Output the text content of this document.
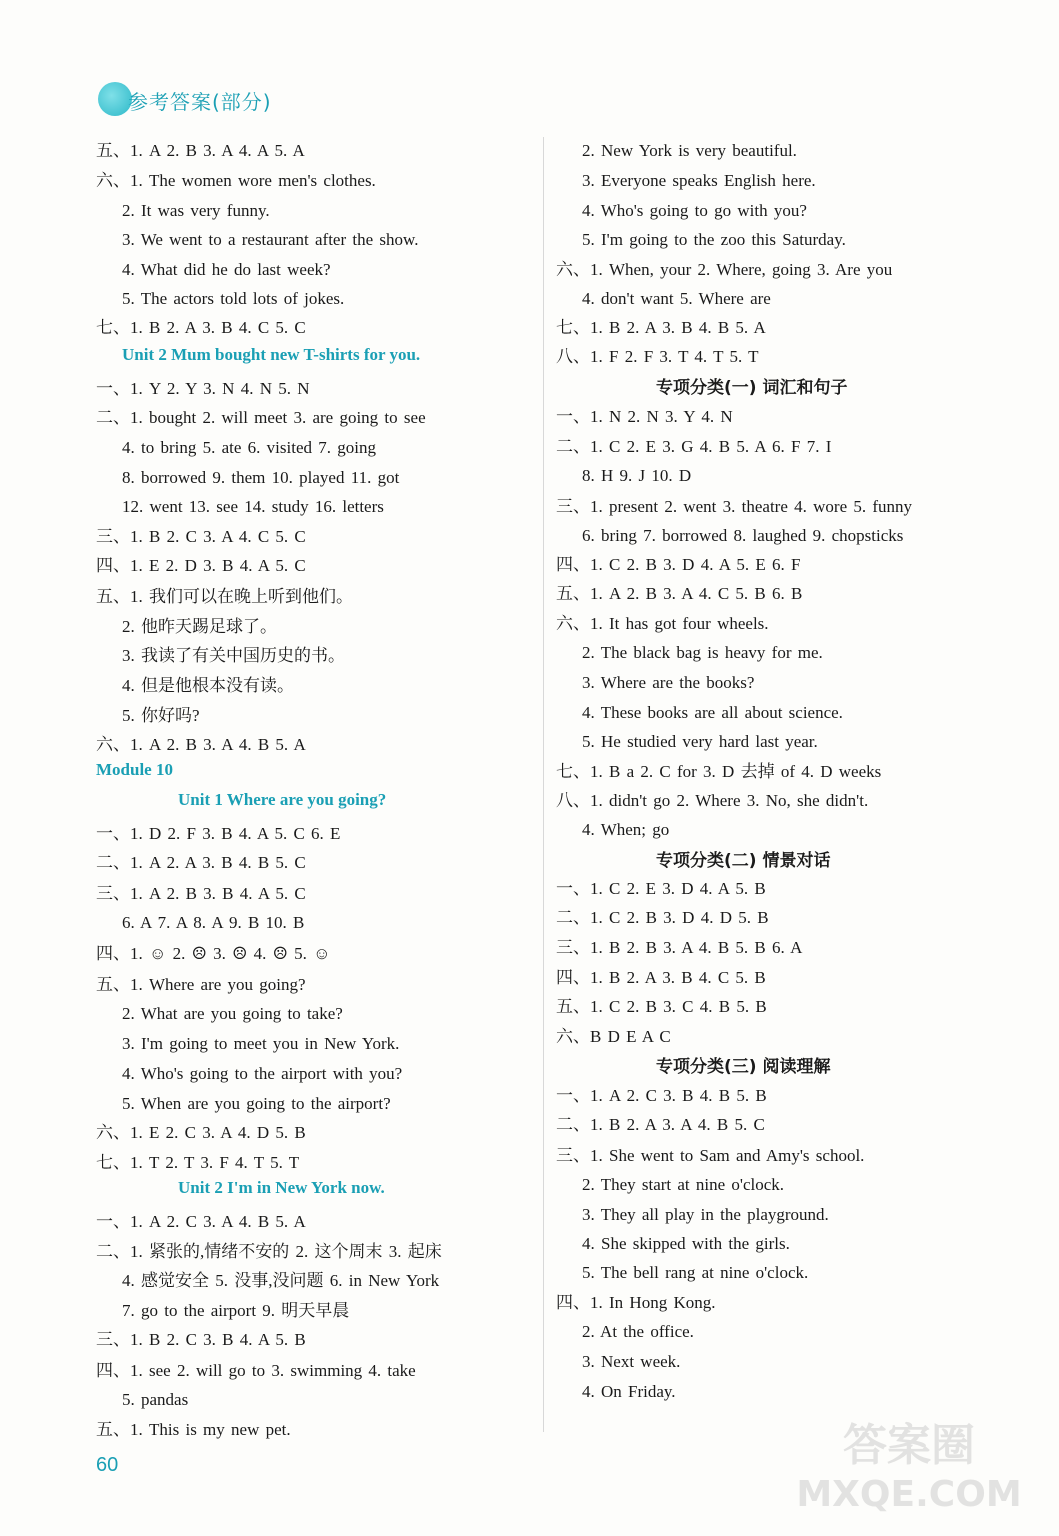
参考答案(部分)
五、1. A 2. B 3. A 4. A 5. A
六、1. The women wore men's clothes.
2. It was very funny.
3. We went to a restaurant after the show.
4. What did he do last week?
5. The actors told lots of jokes.
七、1. B 2. A 3. B 4. C 5. C
Unit 2 Mum bought new T-shirts for you.
一、1. Y 2. Y 3. N 4. N 5. N
二、1. bought 2. will meet 3. are going to see
4. to bring 5. ate 6. visited 7. going
8. borrowed 9. them 10. played 11. got
12. went 13. see 14. study 16. letters
三、1. B 2. C 3. A 4. C 5. C
四、1. E 2. D 3. B 4. A 5. C
五、1. 我们可以在晚上听到他们。
2. 他昨天踢足球了。
3. 我读了有关中国历史的书。
4. 但是他根本没有读。
5. 你好吗?
六、1. A 2. B 3. A 4. B 5. A
Module 10
Unit 1 Where are you going?
一、1. D 2. F 3. B 4. A 5. C 6. E
二、1. A 2. A 3. B 4. B 5. C
三、1. A 2. B 3. B 4. A 5. C
6. A 7. A 8. A 9. B 10. B
四、1. ☺ 2. ☹ 3. ☹ 4. ☹ 5. ☺
五、1. Where are you going?
2. What are you going to take?
3. I'm going to meet you in New York.
4. Who's going to the airport with you?
5. When are you going to the airport?
六、1. E 2. C 3. A 4. D 5. B
七、1. T 2. T 3. F 4. T 5. T
Unit 2 I'm in New York now.
一、1. A 2. C 3. A 4. B 5. A
二、1. 紧张的,情绪不安的 2. 这个周末 3. 起床
4. 感觉安全 5. 没事,没问题 6. in New York
7. go to the airport 9. 明天早晨
三、1. B 2. C 3. B 4. A 5. B
四、1. see 2. will go to 3. swimming 4. take
5. pandas
五、1. This is my new pet.
2. New York is very beautiful.
3. Everyone speaks English here.
4. Who's going to go with you?
5. I'm going to the zoo this Saturday.
六、1. When, your 2. Where, going 3. Are you
4. don't want 5. Where are
七、1. B 2. A 3. B 4. B 5. A
八、1. F 2. F 3. T 4. T 5. T
专项分类(一) 词汇和句子
一、1. N 2. N 3. Y 4. N
二、1. C 2. E 3. G 4. B 5. A 6. F 7. I
8. H 9. J 10. D
三、1. present 2. went 3. theatre 4. wore 5. funny
6. bring 7. borrowed 8. laughed 9. chopsticks
四、1. C 2. B 3. D 4. A 5. E 6. F
五、1. A 2. B 3. A 4. C 5. B 6. B
六、1. It has got four wheels.
2. The black bag is heavy for me.
3. Where are the books?
4. These books are all about science.
5. He studied very hard last year.
七、1. B a 2. C for 3. D 去掉 of 4. D weeks
八、1. didn't go 2. Where 3. No, she didn't.
4. When; go
专项分类(二) 情景对话
一、1. C 2. E 3. D 4. A 5. B
二、1. C 2. B 3. D 4. D 5. B
三、1. B 2. B 3. A 4. B 5. B 6. A
四、1. B 2. A 3. B 4. C 5. B
五、1. C 2. B 3. C 4. B 5. B
六、B D E A C
专项分类(三) 阅读理解
一、1. A 2. C 3. B 4. B 5. B
二、1. B 2. A 3. A 4. B 5. C
三、1. She went to Sam and Amy's school.
2. They start at nine o'clock.
3. They all play in the playground.
4. She skipped with the girls.
5. The bell rang at nine o'clock.
四、1. In Hong Kong.
2. At the office.
3. Next week.
4. On Friday.
60	答案圈
MXQE.COM
